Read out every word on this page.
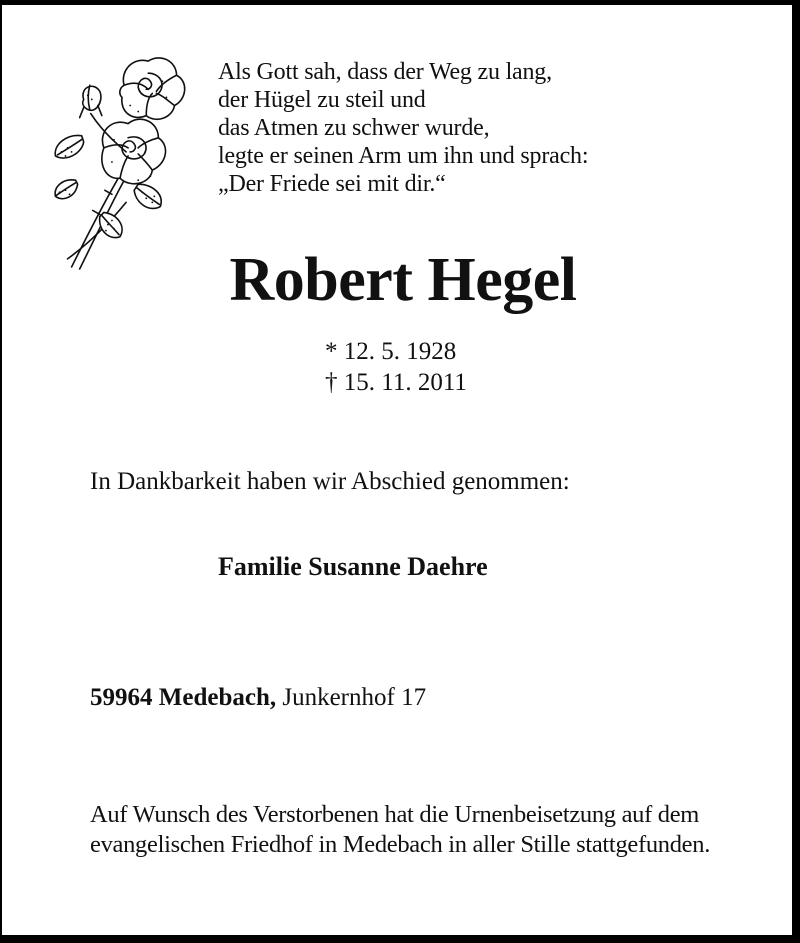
Als Gott sah, dass der Weg zu lang,
der Hügel zu steil und
das Atmen zu schwer wurde,
legte er seinen Arm um ihn und sprach:
„Der Friede sei mit dir.“
Robert Hegel
* 12. 5. 1928
† 15. 11. 2011
In Dankbarkeit haben wir Abschied genommen:
Familie Susanne Daehre
59964 Medebach, Junkernhof 17
Auf Wunsch des Verstorbenen hat die Urnenbeisetzung auf dem
evangelischen Friedhof in Medebach in aller Stille stattgefunden.
